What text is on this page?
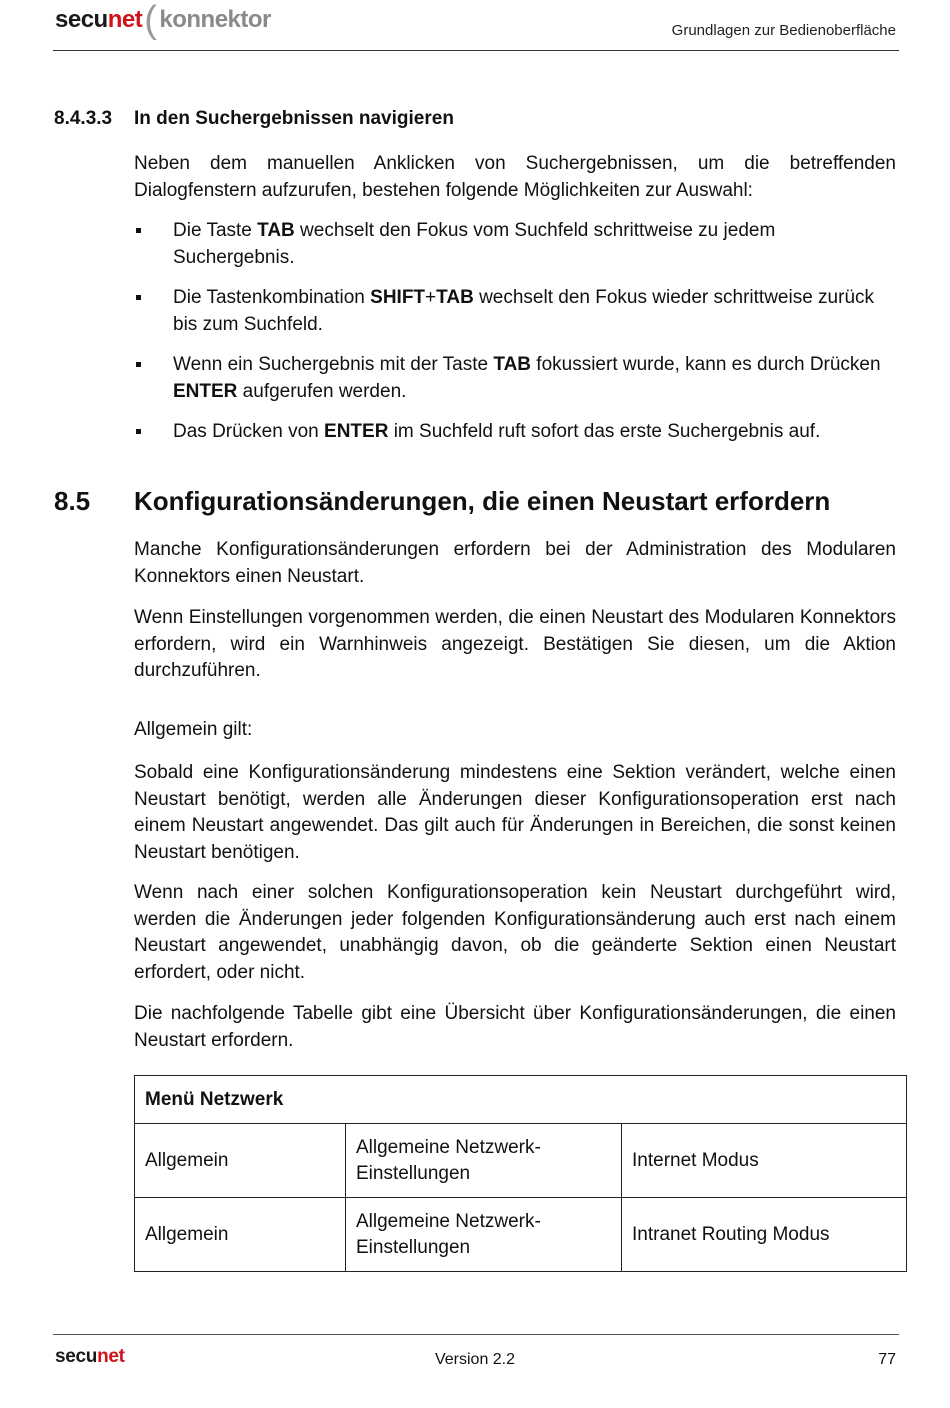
secu net ( konnektor	Grundlagen zur Bedienoberfläche
8.4.3.3 In den Suchergebnissen navigieren

Neben dem manuellen Anklicken von Suchergebnissen, um die betreffenden Dialogfenstern aufzurufen, bestehen folgende Möglichkeiten zur Auswahl:

Die Taste TAB wechselt den Fokus vom Suchfeld schrittweise zu jedem Suchergebnis.
Die Tastenkombination SHIFT+TAB wechselt den Fokus wieder schrittweise zurück bis zum Suchfeld.
Wenn ein Suchergebnis mit der Taste TAB fokussiert wurde, kann es durch Drücken ENTER aufgerufen werden.
Das Drücken von ENTER im Suchfeld ruft sofort das erste Suchergebnis auf.
8.5 Konfigurationsänderungen, die einen Neustart erfordern

Manche Konfigurationsänderungen erfordern bei der Administration des Modularen Konnektors einen Neustart.

Wenn Einstellungen vorgenommen werden, die einen Neustart des Modularen Konnektors erfordern, wird ein Warnhinweis angezeigt. Bestätigen Sie diesen, um die Aktion durchzuführen.

Allgemein gilt:

Sobald eine Konfigurationsänderung mindestens eine Sektion verändert, welche einen Neustart benötigt, werden alle Änderungen dieser Konfigurationsoperation erst nach einem Neustart angewendet. Das gilt auch für Änderungen in Bereichen, die sonst keinen Neustart benötigen.

Wenn nach einer solchen Konfigurationsoperation kein Neustart durchgeführt wird, werden die Änderungen jeder folgenden Konfigurationsänderung auch erst nach einem Neustart angewendet, unabhängig davon, ob die geänderte Sektion einen Neustart erfordert, oder nicht.

Die nachfolgende Tabelle gibt eine Übersicht über Konfigurationsänderungen, die einen Neustart erfordern.

Menü Netzwerk		
Allgemein	Allgemeine Netzwerk-Einstellungen	Internet Modus
Allgemein	Allgemeine Netzwerk-Einstellungen	Intranet Routing Modus
secunet	Version 2.2	77
